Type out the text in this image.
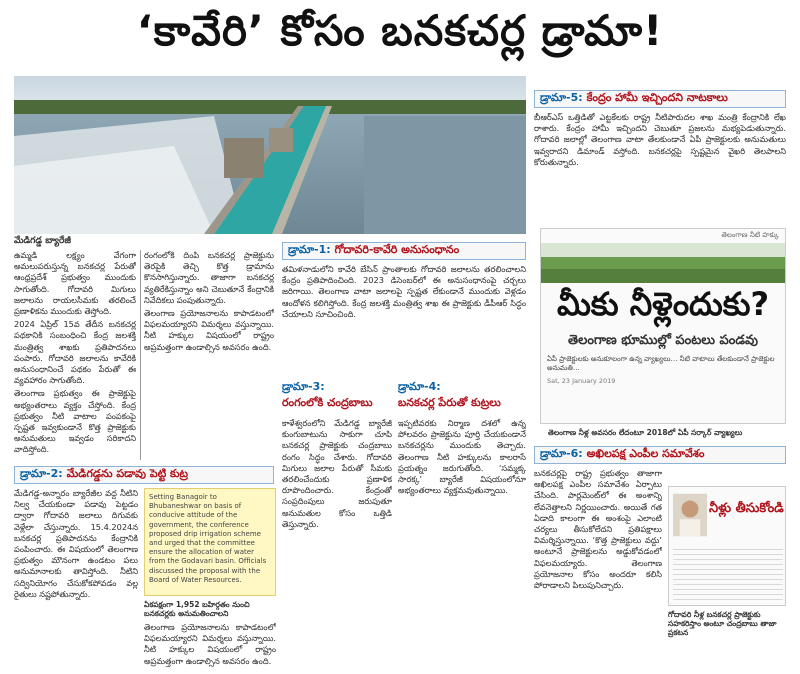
‘కావేరి’ కోసం బనకచర్ల డ్రామా!
మేడిగడ్డ బ్యారేజీ

ఉమ్మడి లక్ష్యం వేగంగా అమలుపరుస్తున్న బనకచర్ల పేరుతో ఆంధ్రప్రదేశ్ ప్రభుత్వం ముందుకు సాగుతోంది. గోదావరి మిగులు జలాలను రాయలసీమకు తరలించే ప్రణాళికను ముందుకు తెస్తోంది.

2024 ఏప్రిల్‌ 15వ తేదీన బనకచర్ల పథకానికి సంబంధించి కేంద్ర జలశక్తి మంత్రిత్వ శాఖకు ప్రతిపాదనలు పంపారు. గోదావరి జలాలను కావేరికి అనుసంధానించే పథకం పేరుతో ఈ వ్యవహారం సాగుతోంది.

తెలంగాణ ప్రభుత్వం ఈ ప్రాజెక్టుపై అభ్యంతరాలు వ్యక్తం చేస్తోంది. కేంద్ర ప్రభుత్వం నీటి వాటాల పంపకంపై స్పష్టత ఇవ్వకుండానే కొత్త ప్రాజెక్టుకు అనుమతులు ఇవ్వడం సరికాదని వాదిస్తోంది.

రంగంలోకి దింపి బనకచర్ల ప్రాజెక్టును తెరపైకి తెచ్చి కొత్త డ్రామాను కొనసాగిస్తున్నారు. తాజాగా బనకచర్ల వ్యతిరేకిస్తున్నాం అని చెబుతూనే కేంద్రానికి నివేదికలు పంపుతున్నారు.

తెలంగాణ ప్రయోజనాలను కాపాడటంలో విఫలమయ్యారని విమర్శలు వస్తున్నాయి. నీటి హక్కుల విషయంలో రాష్ట్రం అప్రమత్తంగా ఉండాల్సిన అవసరం ఉంది.

డ్రామా-1: గోదావరి-కావేరి అనుసంధానం
తమిళనాడులోని కావేరి బేసిన్ ప్రాంతాలకు గోదావరి జలాలను తరలించాలని కేంద్రం ప్రతిపాదించింది. 2023 డిసెంబర్‌లో ఈ అనుసంధానంపై చర్చలు జరిగాయి. తెలంగాణ వాటా జలాలపై స్పష్టత లేకుండానే ముందుకు వెళ్లడం ఆందోళన కలిగిస్తోంది. కేంద్ర జలశక్తి మంత్రిత్వ శాఖ ఈ ప్రాజెక్టుకు డీపీఆర్ సిద్ధం చేయాలని సూచించింది.
డ్రామా-2: మేడిగడ్డను పడావు పెట్టి కుట్ర
మేడిగడ్డ-అన్నారం బ్యారేజీల వద్ద నీటిని నిల్వ చేయకుండా పడావు పెట్టడం ద్వారా గోదావరి జలాలు దిగువకు వెళ్లేలా చేస్తున్నారు. 15.4.2024న బనకచర్ల ప్రతిపాదనను కేంద్రానికి పంపించారు. ఈ విషయంలో తెలంగాణ ప్రభుత్వం మౌనంగా ఉండటం పలు అనుమానాలకు తావిస్తోంది. నీటిని సద్వినియోగం చేసుకోకపోవడం వల్ల రైతులు నష్టపోతున్నారు.
Setting Banagoir to Bhubaneshwar on basis of conducive attitude of the government, the conference proposed drip irrigation scheme and urged that the committee ensure the allocation of water from the Godavari basin. Officials discussed the proposal with the Board of Water Resources.
ఏకపక్షంగా 1,952 బహిర్గతం నుంచి బనకచర్లకు అనుమతించాలని
తెలంగాణ ప్రయోజనాలను కాపాడటంలో విఫలమయ్యారని విమర్శలు వస్తున్నాయి. నీటి హక్కుల విషయంలో రాష్ట్రం అప్రమత్తంగా ఉండాల్సిన అవసరం ఉంది.
డ్రామా-3:
రంగంలోకి చంద్రబాబు
కాళేశ్వరంలోని మేడిగడ్డ బ్యారేజీ కుంగుబాటును సాకుగా చూపి బనకచర్ల ప్రాజెక్టుకు చంద్రబాబు రంగం సిద్ధం చేశారు. గోదావరి మిగులు జలాల పేరుతో సీమకు తరలించేందుకు ప్రణాళిక రూపొందించారు. కేంద్రంతో సంప్రదింపులు జరుపుతూ అనుమతుల కోసం ఒత్తిడి తెస్తున్నారు.
డ్రామా-4:
బనకచర్ల పేరుతో కుట్రలు
ఇప్పటివరకు నిర్మాణ దశలో ఉన్న పోలవరం ప్రాజెక్టును పూర్తి చేయకుండానే బనకచర్లను ముందుకు తెచ్చారు. తెలంగాణ నీటి హక్కులను కాలరాసే ప్రయత్నం జరుగుతోంది. ‘సమ్మక్క సారక్క’ బ్యారేజీ విషయంలోనూ అభ్యంతరాలు వ్యక్తమవుతున్నాయి.
డ్రామా-5: కేంద్రం హామీ ఇచ్చిందని నాటకాలు
బీఆర్‌ఎస్ ఒత్తిడితో ఎట్టకేలకు రాష్ట్ర నీటిపారుదల శాఖ మంత్రి కేంద్రానికి లేఖ రాశారు. కేంద్రం హామీ ఇచ్చిందని చెబుతూ ప్రజలను మభ్యపెడుతున్నారు. గోదావరి జలాల్లో తెలంగాణ వాటా తేలకుండానే ఏపీ ప్రాజెక్టులకు అనుమతులు ఇవ్వరాదని డిమాండ్ వస్తోంది. బనకచర్లపై స్పష్టమైన వైఖరి తెలపాలని కోరుతున్నారు.
తెలంగాణ నీటి హక్కు
మీకు నీళ్లెందుకు?
తెలంగాణ భూముల్లో పంటలు పండవు
ఏపీ ప్రాజెక్టులకు అనుకూలంగా ఉన్న వ్యాఖ్యలు… నీటి వాటాలు తేలకుండానే ప్రాజెక్టుల అనుమతి…
Sat, 23 January 2019
తెలంగాణ నీళ్ల అవసరం లేదంటూ 2018లో ఏపీ సర్కార్ వ్యాఖ్యలు
డ్రామా-6: అఖిలపక్ష ఎంపీల సమావేశం
బనకచర్లపై రాష్ట్ర ప్రభుత్వం తాజాగా అఖిలపక్ష ఎంపీల సమావేశం ఏర్పాటు చేసింది. పార్లమెంట్‌లో ఈ అంశాన్ని లేవనెత్తాలని నిర్ణయించారు. అయితే గత ఏడాది కాలంగా ఈ అంశంపై ఎలాంటి చర్యలు తీసుకోలేదని ప్రతిపక్షాలు విమర్శిస్తున్నాయి. ‘కొత్త ప్రాజెక్టులు వద్దు’ అంటూనే ప్రాజెక్టులను అడ్డుకోవడంలో విఫలమయ్యారు. తెలంగాణ ప్రయోజనాల కోసం అందరూ కలిసి పోరాడాలని పిలుపునిచ్చారు.
నీళ్లు తీసుకోండి
గోదావరి నీళ్ల బనకచర్ల ప్రాజెక్టుకు సహకరిస్తాం అంటూ చంద్రబాబు తాజా ప్రకటన
